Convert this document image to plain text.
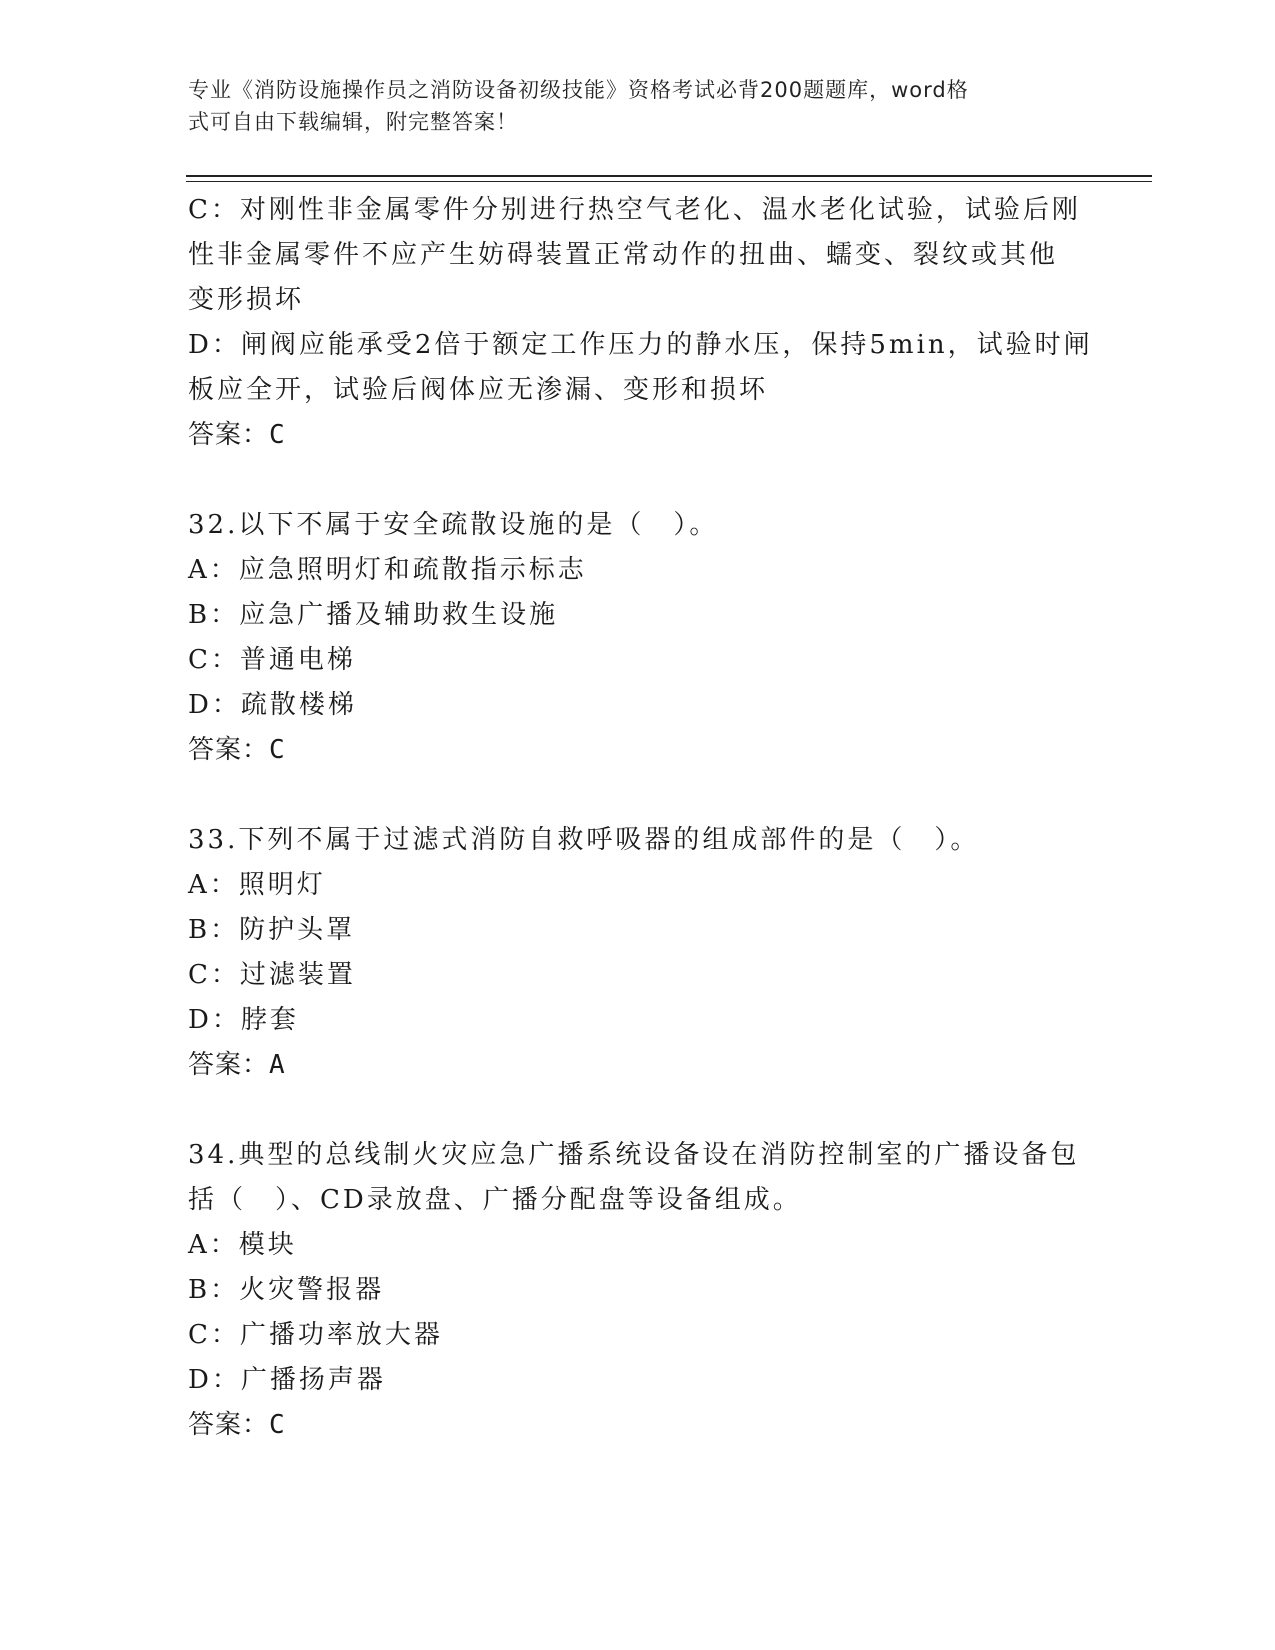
专业《消防设施操作员之消防设备初级技能》资格考试必背200题题库，word格
式可自由下载编辑，附完整答案！
C：对刚性非金属零件分别进行热空气老化、温水老化试验，试验后刚
性非金属零件不应产生妨碍装置正常动作的扭曲、蠕变、裂纹或其他
变形损坏
D：闸阀应能承受2倍于额定工作压力的静水压，保持5min，试验时闸
板应全开，试验后阀体应无渗漏、变形和损坏
答案：C
32.以下不属于安全疏散设施的是（　）。
A：应急照明灯和疏散指示标志
B：应急广播及辅助救生设施
C：普通电梯
D：疏散楼梯
答案：C
33.下列不属于过滤式消防自救呼吸器的组成部件的是（　）。
A：照明灯
B：防护头罩
C：过滤装置
D：脖套
答案：A
34.典型的总线制火灾应急广播系统设备设在消防控制室的广播设备包
括（　）、CD录放盘、广播分配盘等设备组成。
A：模块
B：火灾警报器
C：广播功率放大器
D：广播扬声器
答案：C
